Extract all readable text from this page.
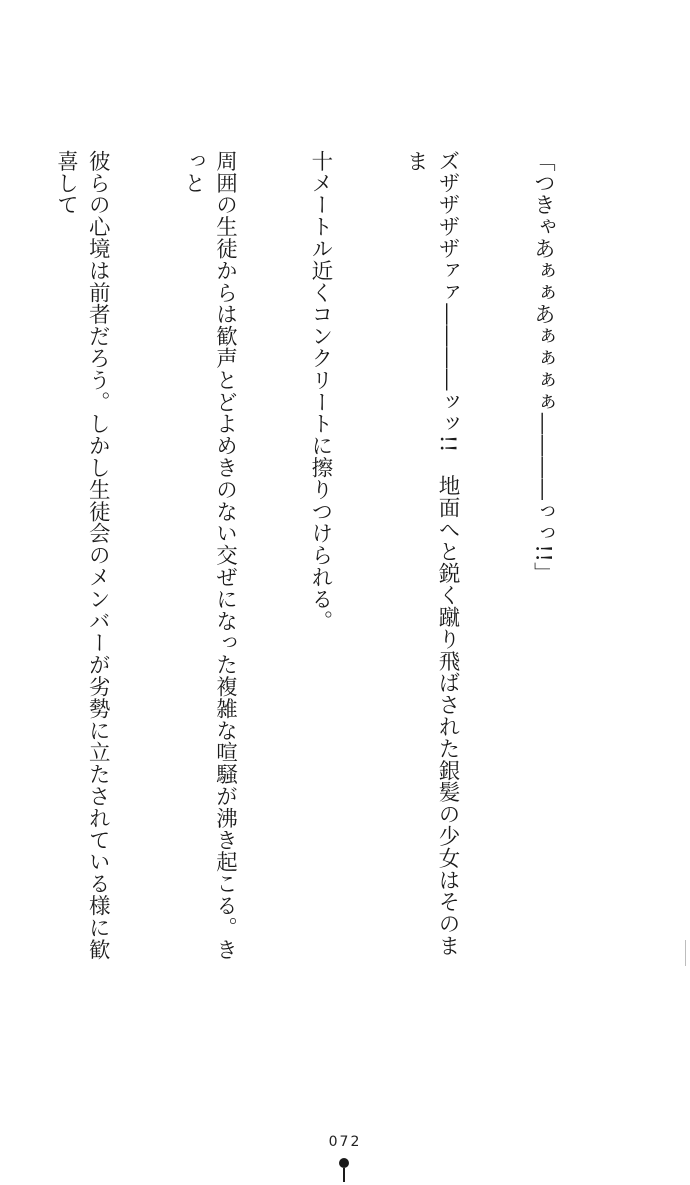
「つきゃあぁぁあぁぁぁぁ――――っっ!!」

ズザザザザァァ――――ッッ!!　地面へと鋭く蹴り飛ばされた銀髪の少女はそのまま

十メートル近くコンクリートに擦りつけられる。

周囲の生徒からは歓声とどよめきのない交ぜになった複雑な喧騒が沸き起こる。きっと

彼らの心境は前者だろう。しかし生徒会のメンバーが劣勢に立たされている様に歓喜して

072
